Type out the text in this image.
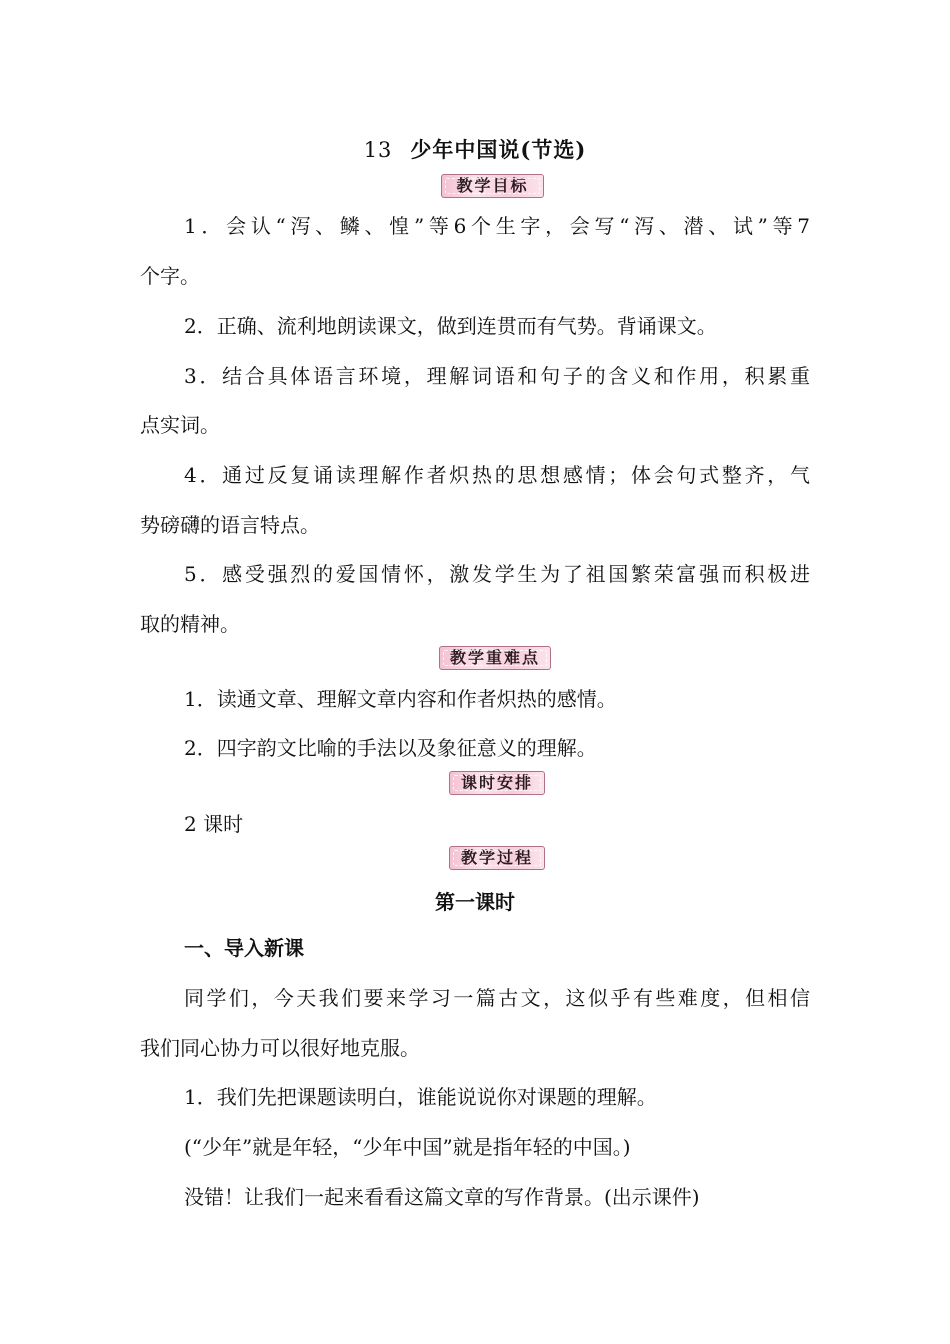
13 少年中国说(节选)
教学目标
1．会认“泻、鳞、惶”等6个生字，会写“泻、潜、试”等7
个字。
2．正确、流利地朗读课文，做到连贯而有气势。背诵课文。
3．结合具体语言环境，理解词语和句子的含义和作用，积累重
点实词。
4．通过反复诵读理解作者炽热的思想感情；体会句式整齐，气
势磅礴的语言特点。
5．感受强烈的爱国情怀，激发学生为了祖国繁荣富强而积极进
取的精神。
教学重难点
1．读通文章、理解文章内容和作者炽热的感情。
2．四字韵文比喻的手法以及象征意义的理解。
课时安排
2 课时
教学过程
第一课时
一、导入新课
同学们，今天我们要来学习一篇古文，这似乎有些难度，但相信
我们同心协力可以很好地克服。
1．我们先把课题读明白，谁能说说你对课题的理解。
(“少年”就是年轻，“少年中国”就是指年轻的中国。)
没错！让我们一起来看看这篇文章的写作背景。(出示课件)
